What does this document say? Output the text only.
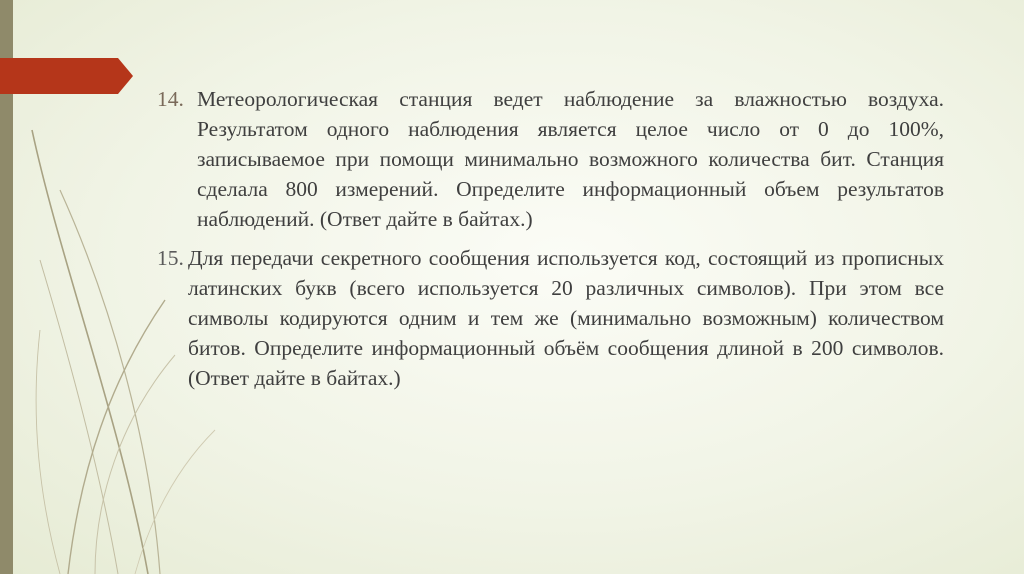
14. Метеорологическая станция ведет наблюдение за влажностью воздуха. Результатом одного наблюдения является целое число от 0 до 100%, записываемое при помощи минимально возможного количества бит. Станция сделала 800 измерений. Определите информационный объем результатов наблюдений. (Ответ дайте в байтах.)
15. Для передачи секретного сообщения используется код, состоящий из прописных латинских букв (всего используется 20 различных символов). При этом все символы кодируются одним и тем же (минимально возможным) количеством битов. Определите информационный объём сообщения длиной в 200 символов. (Ответ дайте в байтах.)
